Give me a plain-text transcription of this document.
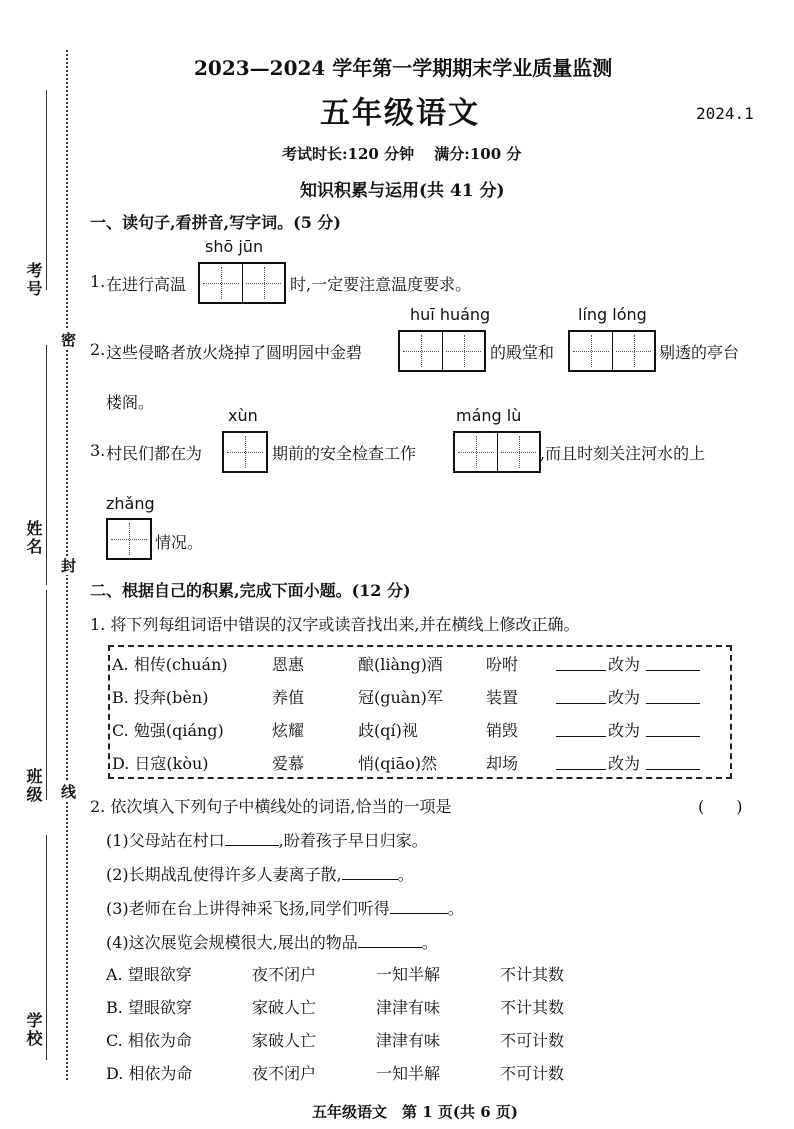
考号
姓名
班级
学校
密
封
线
2023—2024 学年第一学期期末学业质量监测
五年级语文	2024.1
考试时长:120 分钟　 满分:100 分
知识积累与运用(共 41 分)
一、读句子,看拼音,写字词。(5 分)
shō jūn
1. 在进行高温	时,一定要注意温度要求。
huī huáng	líng lóng
2. 这些侵略者放火烧掉了圆明园中金碧	的殿堂和	剔透的亭台
楼阁。
xùn	máng lù
3. 村民们都在为	期前的安全检查工作	,而且时刻关注河水的上
zhǎng
情况。
二、根据自己的积累,完成下面小题。(12 分)
1. 将下列每组词语中错误的汉字或读音找出来,并在横线上修改正确。
A. 相传(chuán)	恩惠	酿(liàng)酒	吩咐	改为
B. 投奔(bèn)	养值	冠(guàn)军	装置	改为
C. 勉强(qiáng)	炫耀	歧(qí)视	销毁	改为
D. 日寇(kòu)	爱慕	悄(qiāo)然	却场	改为
2. 依次填入下列句子中横线处的词语,恰当的一项是	(　　)
(1)父母站在村口	,盼着孩子早日归家。
(2)长期战乱使得许多人妻离子散,	。
(3)老师在台上讲得神采飞扬,同学们听得	。
(4)这次展览会规模很大,展出的物品	。
A. 望眼欲穿	夜不闭户	一知半解	不计其数
B. 望眼欲穿	家破人亡	津津有味	不计其数
C. 相依为命	家破人亡	津津有味	不可计数
D. 相依为命	夜不闭户	一知半解	不可计数
五年级语文　第 1 页(共 6 页)
